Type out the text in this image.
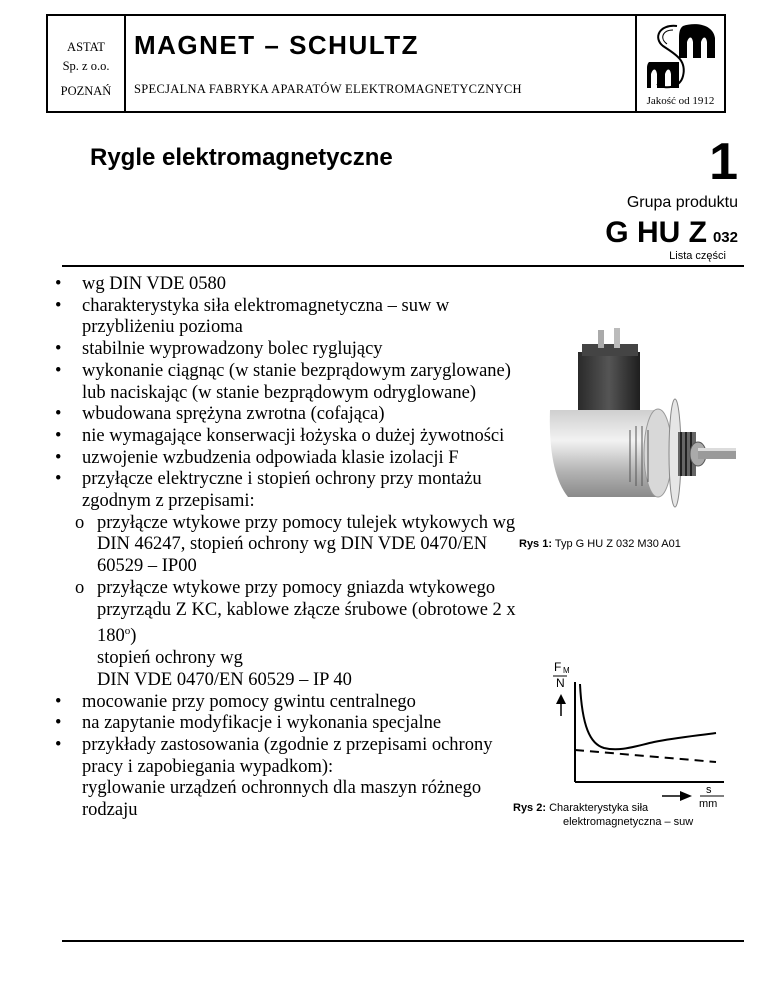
ASTAT
Sp. z o.o.
POZNAŃ
MAGNET – SCHULTZ
SPECJALNA FABRYKA APARATÓW ELEKTROMAGNETYCZNYCH
Jakość od 1912
Rygle elektromagnetyczne	1
Grupa produktu
G HU Z 032
Lista części
• wg DIN VDE 0580
• charakterystyka siła elektromagnetyczna – suw w przybliżeniu pozioma
• stabilnie wyprowadzony bolec ryglujący
• wykonanie ciągnąc (w stanie bezprądowym zaryglowane) lub naciskając (w stanie bezprądowym odryglowane)
• wbudowana sprężyna zwrotna (cofająca)
• nie wymagające konserwacji łożyska o dużej żywotności
• uzwojenie wzbudzenia odpowiada klasie izolacji F
• przyłącze elektryczne i stopień ochrony przy montażu zgodnym z przepisami:
o przyłącze wtykowe przy pomocy tulejek wtykowych wg DIN 46247, stopień ochrony wg DIN VDE 0470/EN 60529 – IP00
o przyłącze wtykowe przy pomocy gniazda wtykowego przyrządu Z KC, kablowe złącze śrubowe (obrotowe 2 x 180$^o$)
stopień ochrony wg
DIN VDE 0470/EN 60529 – IP 40
• mocowanie przy pomocy gwintu centralnego
• na zapytanie modyfikacje i wykonania specjalne
• przykłady zastosowania (zgodnie z przepisami ochrony pracy i zapobiegania wypadkom):
ryglowanie urządzeń ochronnych dla maszyn różnego rodzaju
Rys 1: Typ G HU Z 032 M30 A01
F M
N
s
mm
Rys 2: Charakterystyka siła
elektromagnetyczna – suw
